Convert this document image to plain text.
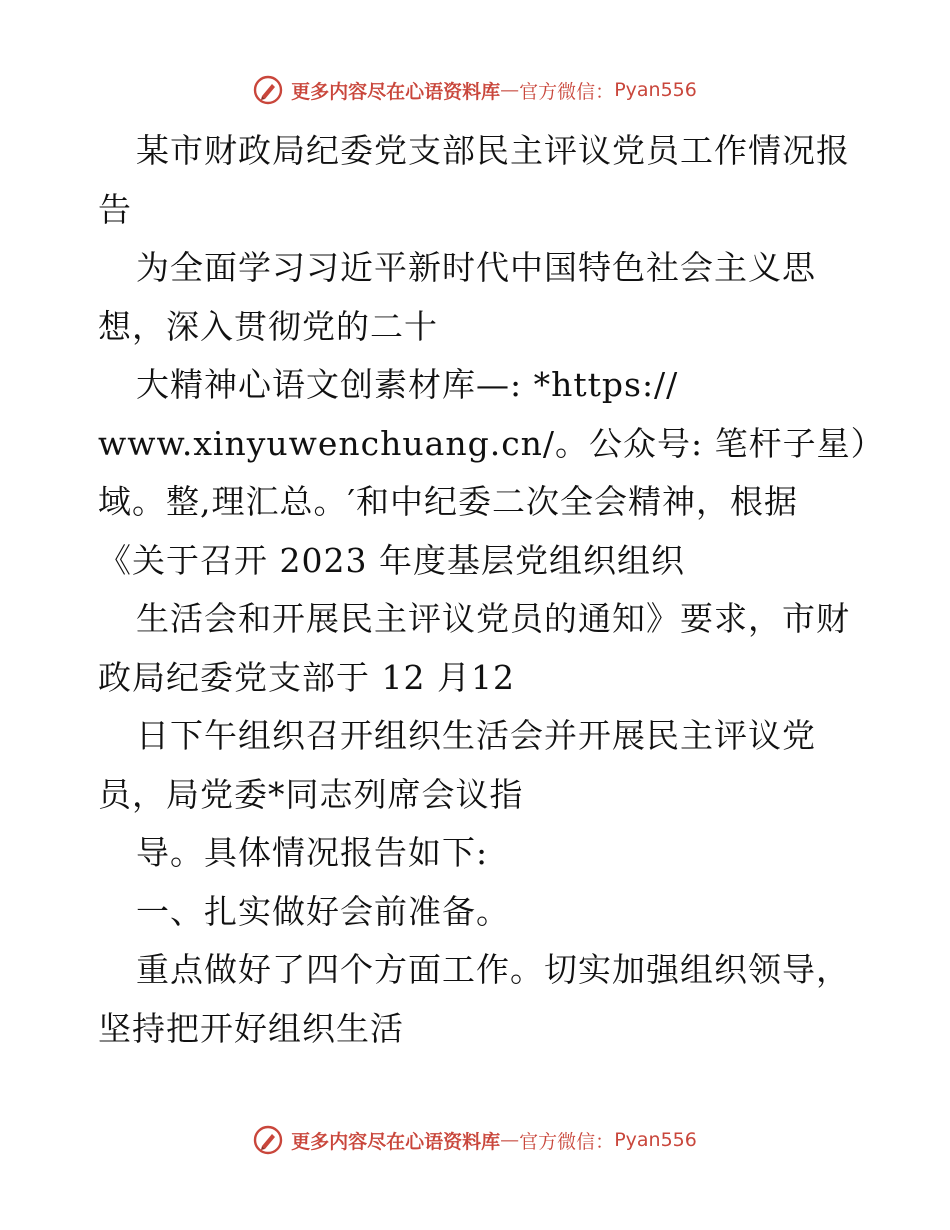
更多内容尽在心语资料库 — 官方微信： Pyan556
某市财政局纪委党支部民主评议党员工作情况报
告
为全面学习习近平新时代中国特色社会主义思
想，深入贯彻党的二十
大精神心语文创素材库—: *https://
www.xinyuwenchuang.cn/。公众号: 笔杆子星）
域。整,理汇总。′和中纪委二次全会精神，根据
《关于召开 2023 年度基层党组织组织
生活会和开展民主评议党员的通知》要求，市财
政局纪委党支部于 12 月12
日下午组织召开组织生活会并开展民主评议党
员，局党委*同志列席会议指
导。具体情况报告如下:
一、扎实做好会前准备。
重点做好了四个方面工作。切实加强组织领导，
坚持把开好组织生活
更多内容尽在心语资料库 — 官方微信： Pyan556
